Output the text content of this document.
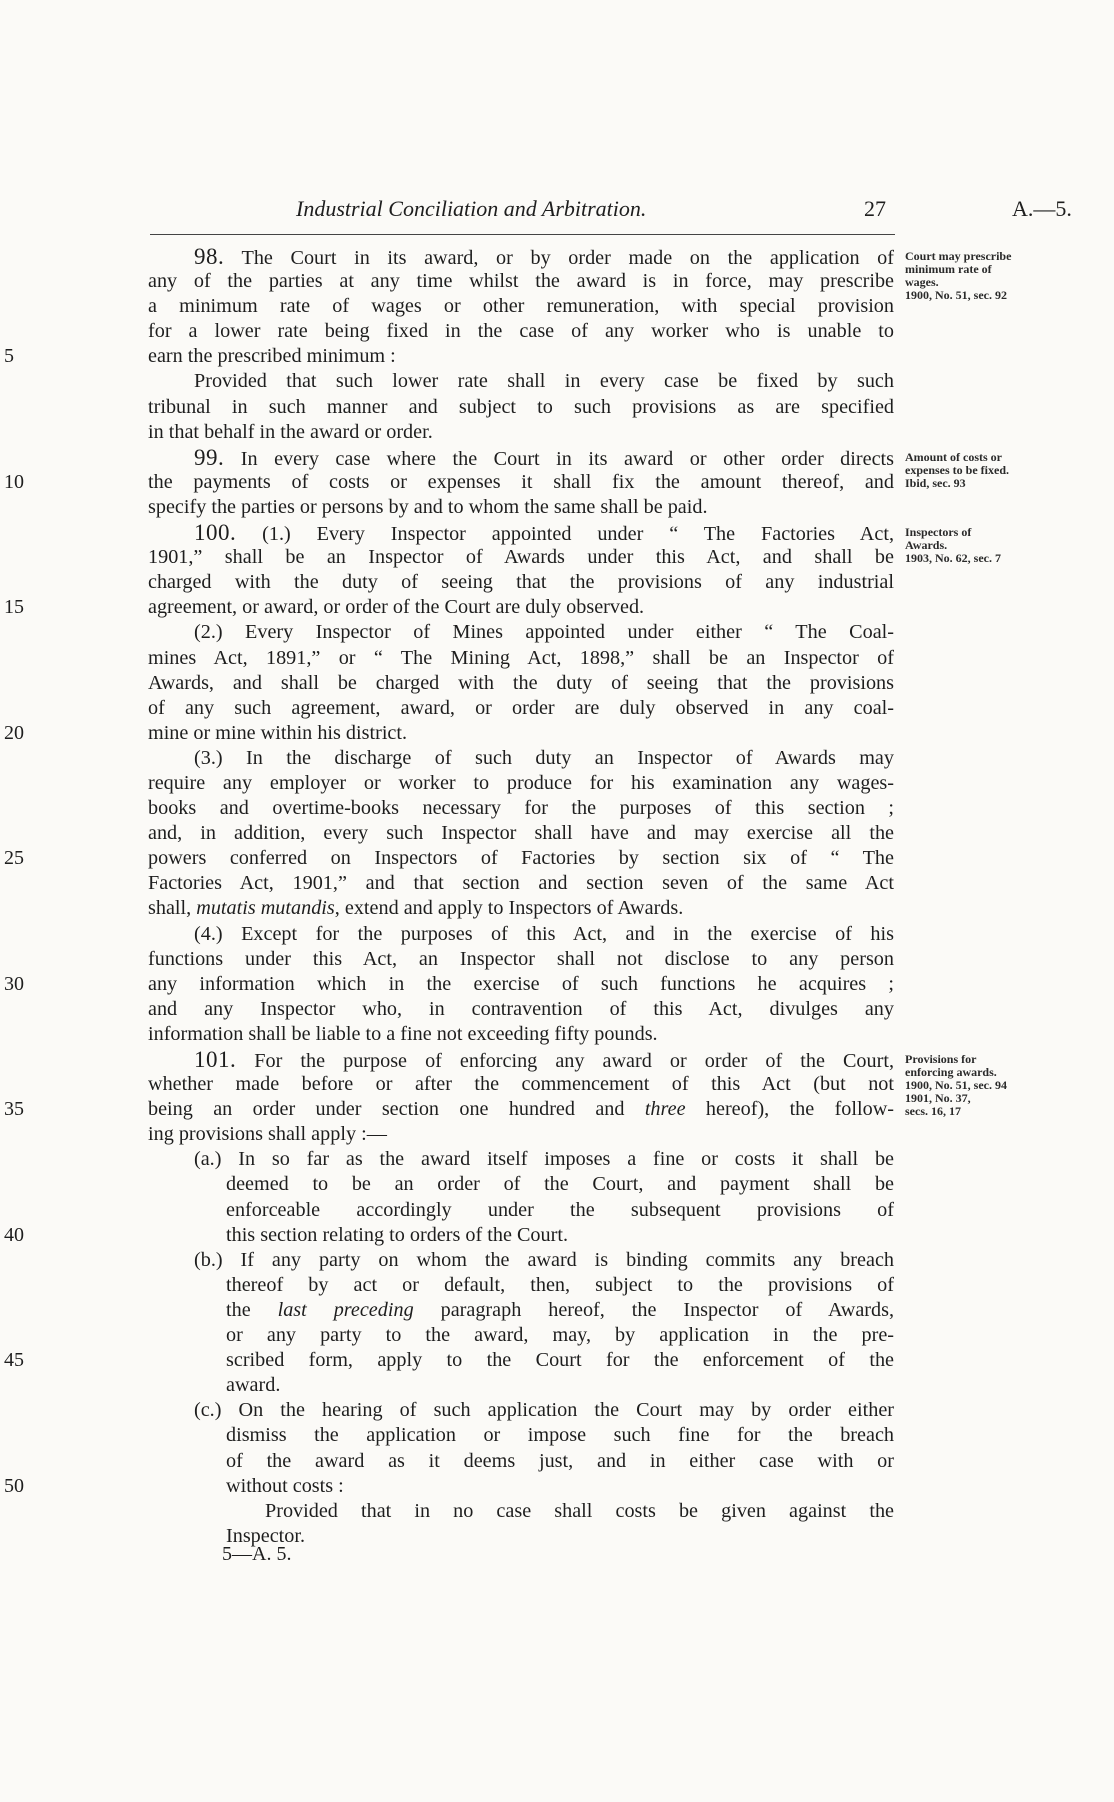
Industrial Conciliation and Arbitration.	27	A.—5.
98. The Court in its award, or by order made on the application of
any of the parties at any time whilst the award is in force, may prescribe
a minimum rate of wages or other remuneration, with special provision
for a lower rate being fixed in the case of any worker who is unable to
5	earn the prescribed minimum :
Provided that such lower rate shall in every case be fixed by such
tribunal in such manner and subject to such provisions as are specified
in that behalf in the award or order.
99. In every case where the Court in its award or other order directs
10	the payments of costs or expenses it shall fix the amount thereof, and
specify the parties or persons by and to whom the same shall be paid.
100. (1.) Every Inspector appointed under “ The Factories Act,
1901,” shall be an Inspector of Awards under this Act, and shall be
charged with the duty of seeing that the provisions of any industrial
15	agreement, or award, or order of the Court are duly observed.
(2.) Every Inspector of Mines appointed under either “ The Coal-
mines Act, 1891,” or “ The Mining Act, 1898,” shall be an Inspector of
Awards, and shall be charged with the duty of seeing that the provisions
of any such agreement, award, or order are duly observed in any coal-
20	mine or mine within his district.
(3.) In the discharge of such duty an Inspector of Awards may
require any employer or worker to produce for his examination any wages-
books and overtime-books necessary for the purposes of this section ;
and, in addition, every such Inspector shall have and may exercise all the
25	powers conferred on Inspectors of Factories by section six of “ The
Factories Act, 1901,” and that section and section seven of the same Act
shall, mutatis mutandis, extend and apply to Inspectors of Awards.
(4.) Except for the purposes of this Act, and in the exercise of his
functions under this Act, an Inspector shall not disclose to any person
30	any information which in the exercise of such functions he acquires ;
and any Inspector who, in contravention of this Act, divulges any
information shall be liable to a fine not exceeding fifty pounds.
101. For the purpose of enforcing any award or order of the Court,
whether made before or after the commencement of this Act (but not
35	being an order under section one hundred and three hereof), the follow-
ing provisions shall apply :—
(a.) In so far as the award itself imposes a fine or costs it shall be
deemed to be an order of the Court, and payment shall be
enforceable accordingly under the subsequent provisions of
40	this section relating to orders of the Court.
(b.) If any party on whom the award is binding commits any breach
thereof by act or default, then, subject to the provisions of
the last preceding paragraph hereof, the Inspector of Awards,
or any party to the award, may, by application in the pre-
45	scribed form, apply to the Court for the enforcement of the
award.
(c.) On the hearing of such application the Court may by order either
dismiss the application or impose such fine for the breach
of the award as it deems just, and in either case with or
50	without costs :
Provided that in no case shall costs be given against the
Inspector.
Court may prescribe
minimum rate of
wages.
1900, No. 51, sec. 92
Amount of costs or
expenses to be fixed.
Ibid, sec. 93
Inspectors of
Awards.
1903, No. 62, sec. 7
Provisions for
enforcing awards.
1900, No. 51, sec. 94
1901, No. 37,
secs. 16, 17
5—A. 5.
